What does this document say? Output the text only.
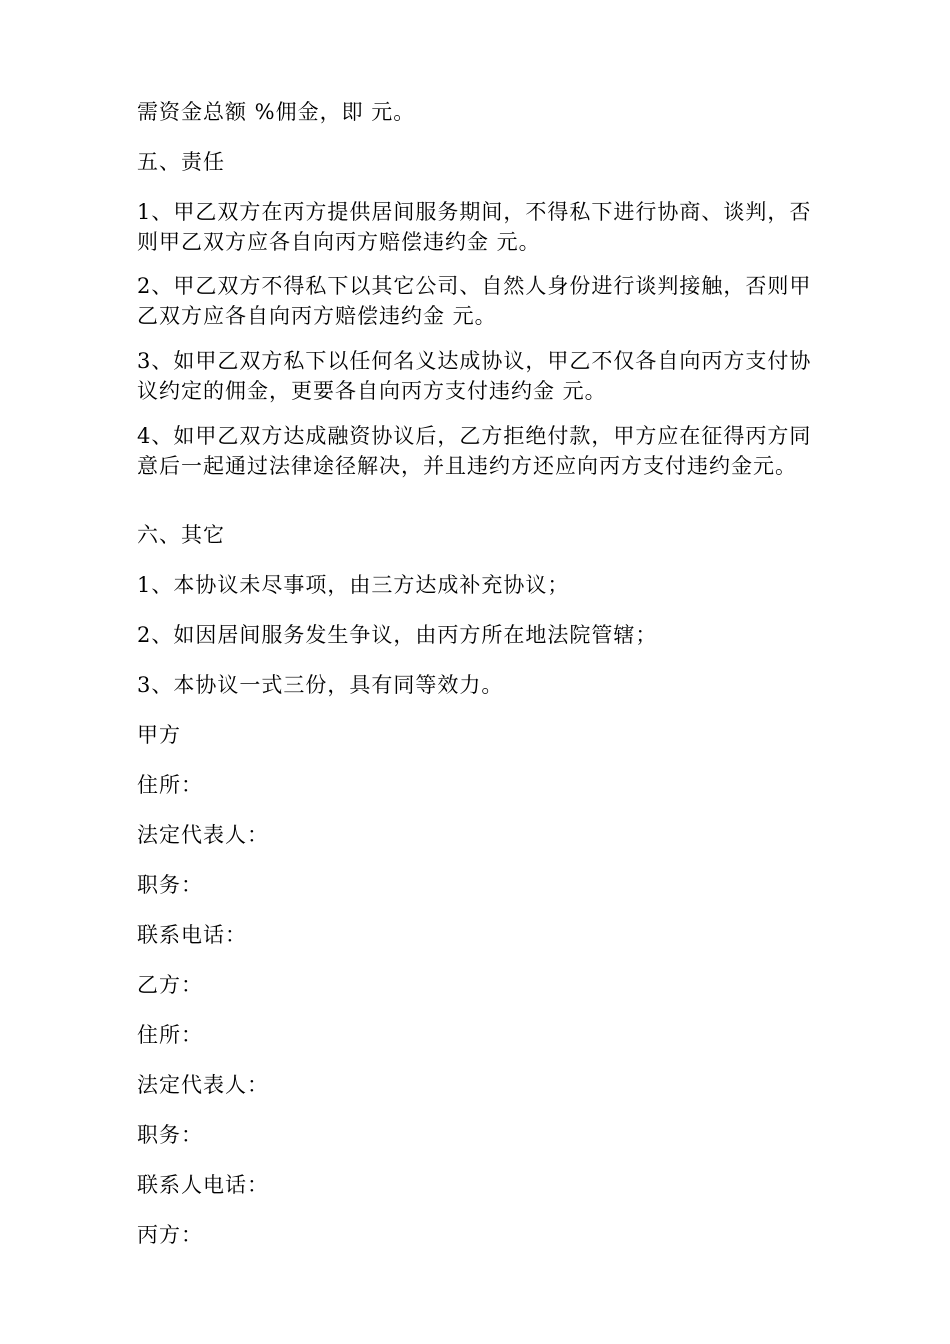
需资金总额 %佣金，即 元。

五、责任

1、甲乙双方在丙方提供居间服务期间，不得私下进行协商、谈判，否则甲乙双方应各自向丙方赔偿违约金 元。

2、甲乙双方不得私下以其它公司、自然人身份进行谈判接触，否则甲乙双方应各自向丙方赔偿违约金 元。

3、如甲乙双方私下以任何名义达成协议，甲乙不仅各自向丙方支付协议约定的佣金，更要各自向丙方支付违约金 元。

4、如甲乙双方达成融资协议后，乙方拒绝付款，甲方应在征得丙方同意后一起通过法律途径解决，并且违约方还应向丙方支付违约金元。

六、其它

1、本协议未尽事项，由三方达成补充协议；

2、如因居间服务发生争议，由丙方所在地法院管辖；

3、本协议一式三份，具有同等效力。

甲方

住所：

法定代表人：

职务：

联系电话：

乙方：

住所：

法定代表人：

职务：

联系人电话：

丙方：
